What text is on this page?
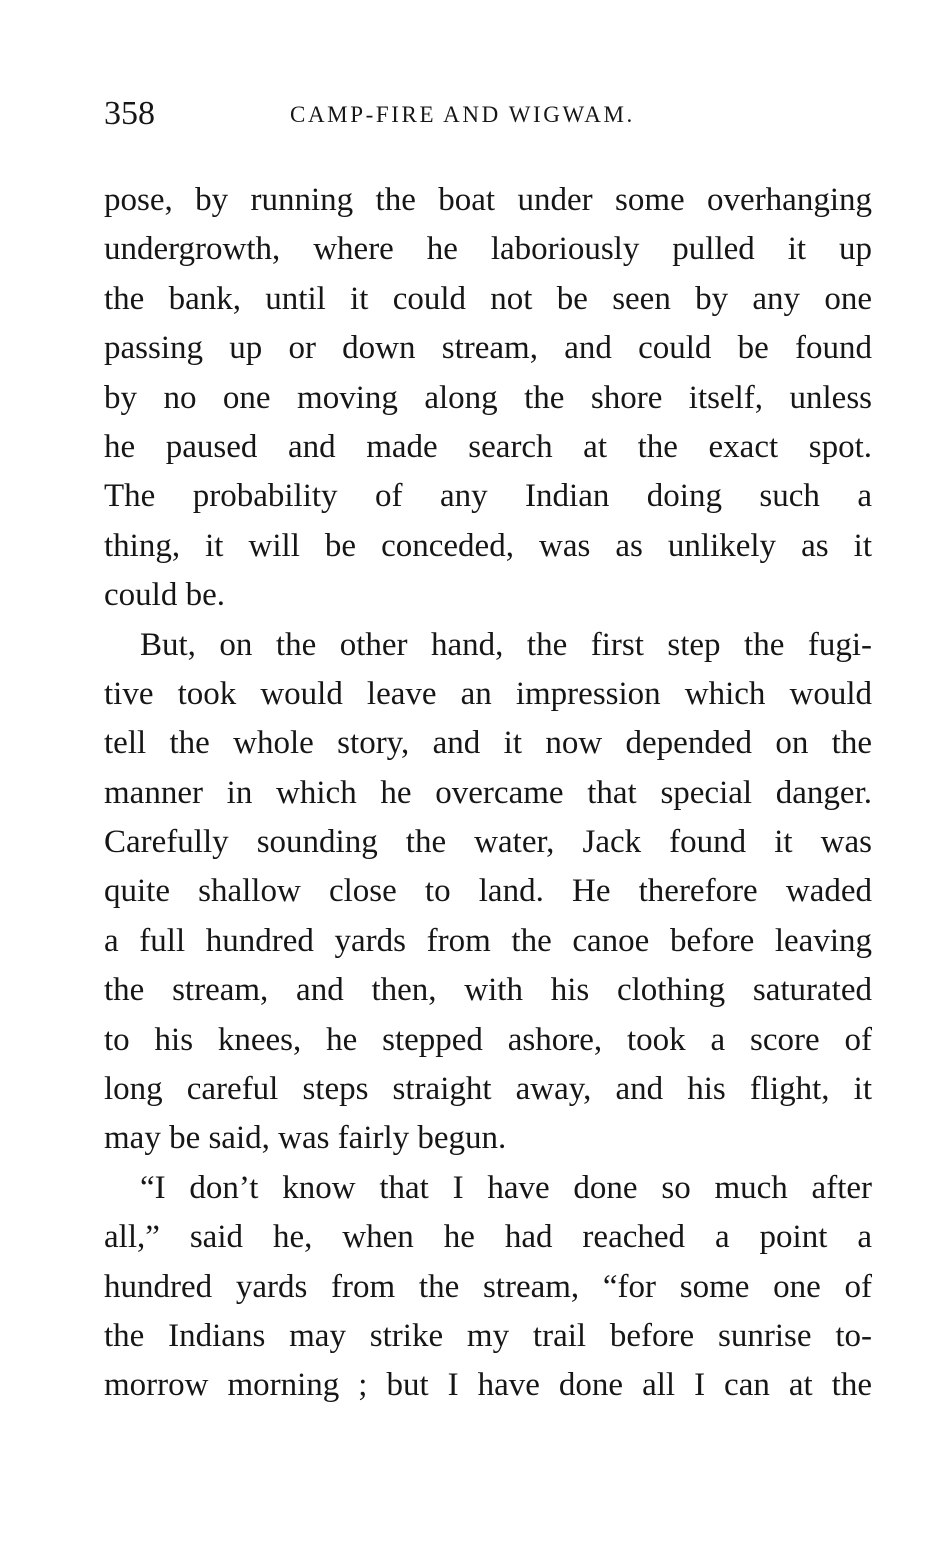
358	CAMP-FIRE AND WIGWAM.
pose, by running the boat under some overhanging
undergrowth, where he laboriously pulled it up
the bank, until it could not be seen by any one
passing up or down stream, and could be found
by no one moving along the shore itself, unless
he paused and made search at the exact spot.
The probability of any Indian doing such a
thing, it will be conceded, was as unlikely as it
could be.
But, on the other hand, the first step the fugi-
tive took would leave an impression which would
tell the whole story, and it now depended on the
manner in which he overcame that special danger.
Carefully sounding the water, Jack found it was
quite shallow close to land. He therefore waded
a full hundred yards from the canoe before leaving
the stream, and then, with his clothing saturated
to his knees, he stepped ashore, took a score of
long careful steps straight away, and his flight, it
may be said, was fairly begun.
“I don’t know that I have done so much after
all,” said he, when he had reached a point a
hundred yards from the stream, “for some one of
the Indians may strike my trail before sunrise to-
morrow morning ; but I have done all I can at the
